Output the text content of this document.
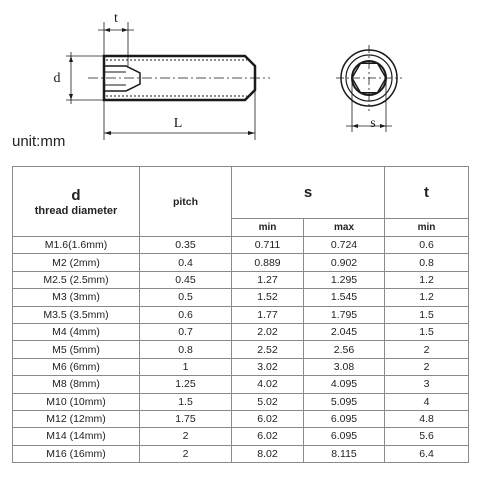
t
d
L	s
unit:mm
d
thread diameter	pitch	s		t

		min	max	min
M1.6(1.6mm)	0.35	0.711	0.724	0.6
M2 (2mm)	0.4	0.889	0.902	0.8
M2.5 (2.5mm)	0.45	1.27	1.295	1.2
M3 (3mm)	0.5	1.52	1.545	1.2
M3.5 (3.5mm)	0.6	1.77	1.795	1.5
M4 (4mm)	0.7	2.02	2.045	1.5
M5 (5mm)	0.8	2.52	2.56	2
M6 (6mm)	1	3.02	3.08	2
M8 (8mm)	1.25	4.02	4.095	3
M10 (10mm)	1.5	5.02	5.095	4
M12 (12mm)	1.75	6.02	6.095	4.8
M14 (14mm)	2	6.02	6.095	5.6
M16 (16mm)	2	8.02	8.115	6.4
